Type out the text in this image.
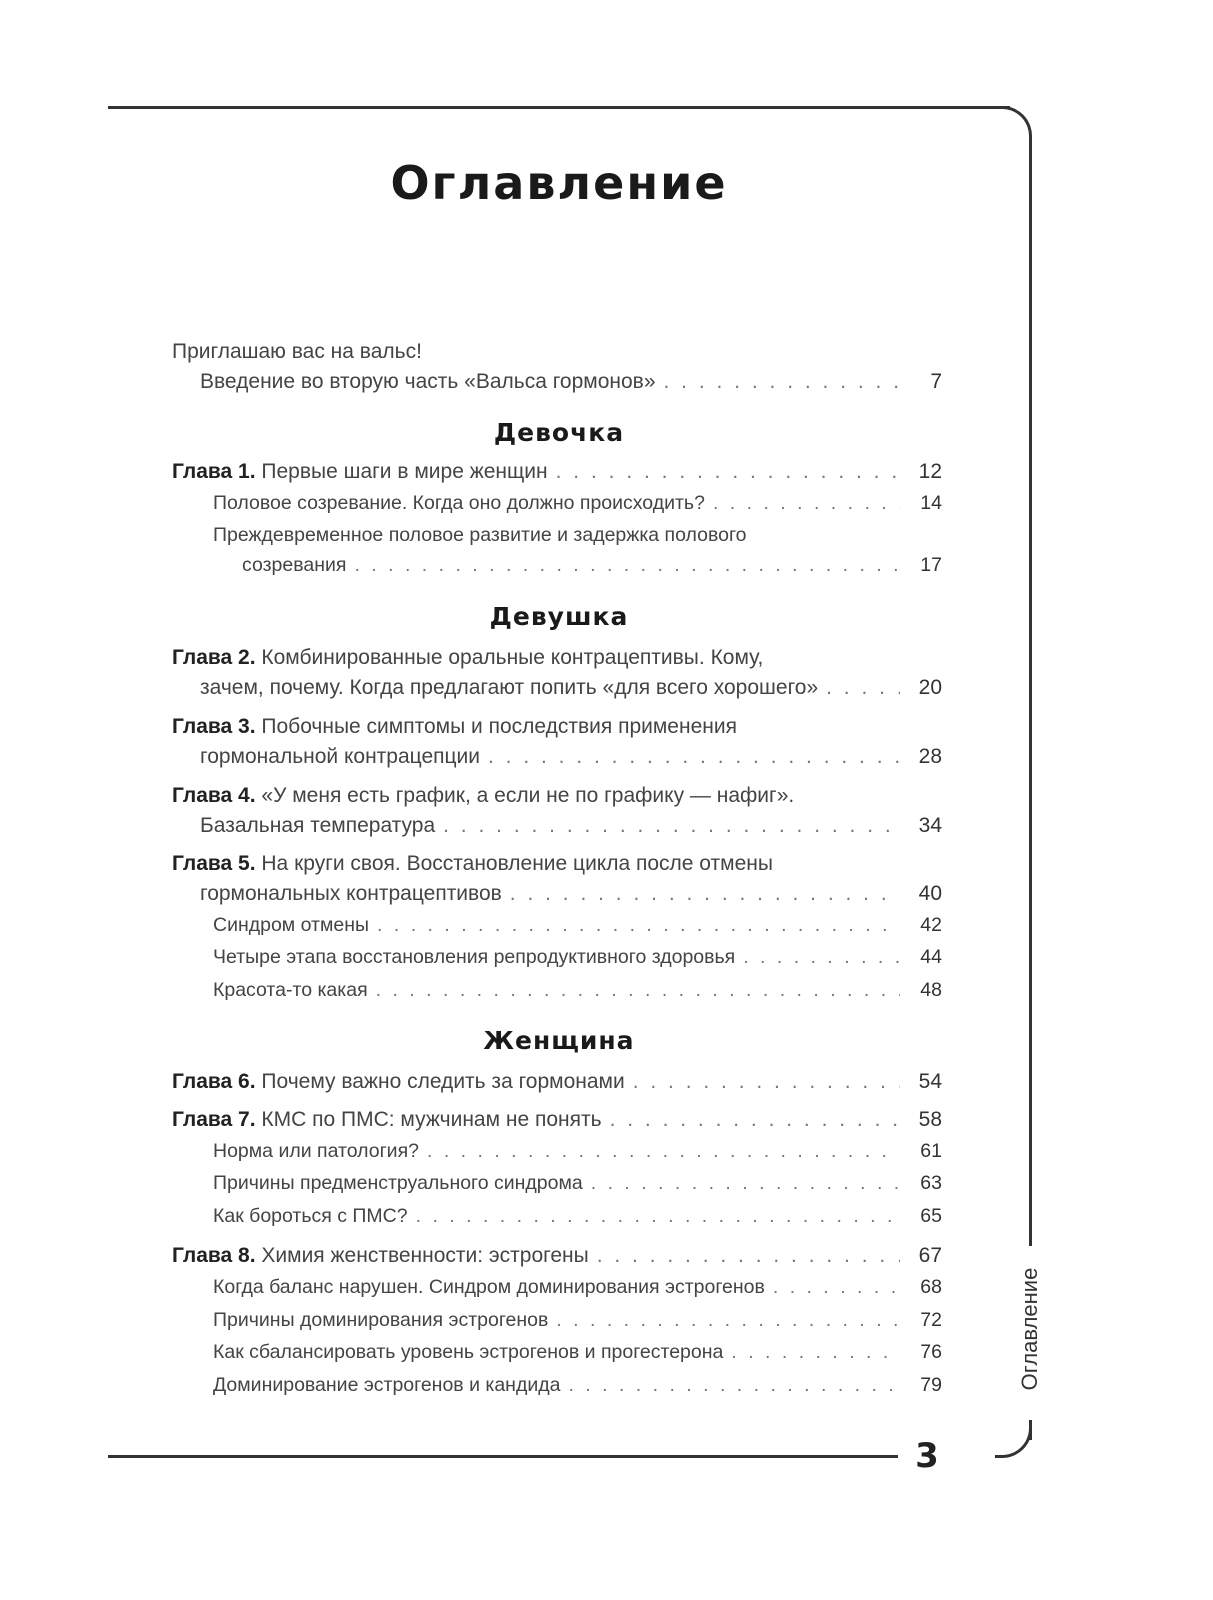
3
Оглавление
Оглавление
Приглашаю вас на вальс!
Введение во вторую часть «Вальса гормонов» . . .	7
Девочка
Глава 1. Первые шаги в мире женщин . . .	12
Половое созревание. Когда оно должно происходить? . . .	14
Преждевременное половое развитие и задержка полового
созревания . . .	17
Девушка
Глава 2. Комбинированные оральные контрацептивы. Кому,
зачем, почему. Когда предлагают попить «для всего хорошего» . . .	20
Глава 3. Побочные симптомы и последствия применения
гормональной контрацепции . . .	28
Глава 4. «У меня есть график, а если не по графику — нафиг».
Базальная температура . . .	34
Глава 5. На круги своя. Восстановление цикла после отмены
гормональных контрацептивов . . .	40
Синдром отмены . . .	42
Четыре этапа восстановления репродуктивного здоровья . . .	44
Красота-то какая . . .	48
Женщина
Глава 6. Почему важно следить за гормонами . . .	54
Глава 7. КМС по ПМС: мужчинам не понять . . .	58
Норма или патология? . . .	61
Причины предменструального синдрома . . .	63
Как бороться с ПМС? . . .	65
Глава 8. Химия женственности: эстрогены . . .	67
Когда баланс нарушен. Синдром доминирования эстрогенов . . .	68
Причины доминирования эстрогенов . . .	72
Как сбалансировать уровень эстрогенов и прогестерона . . .	76
Доминирование эстрогенов и кандида . . .	79
